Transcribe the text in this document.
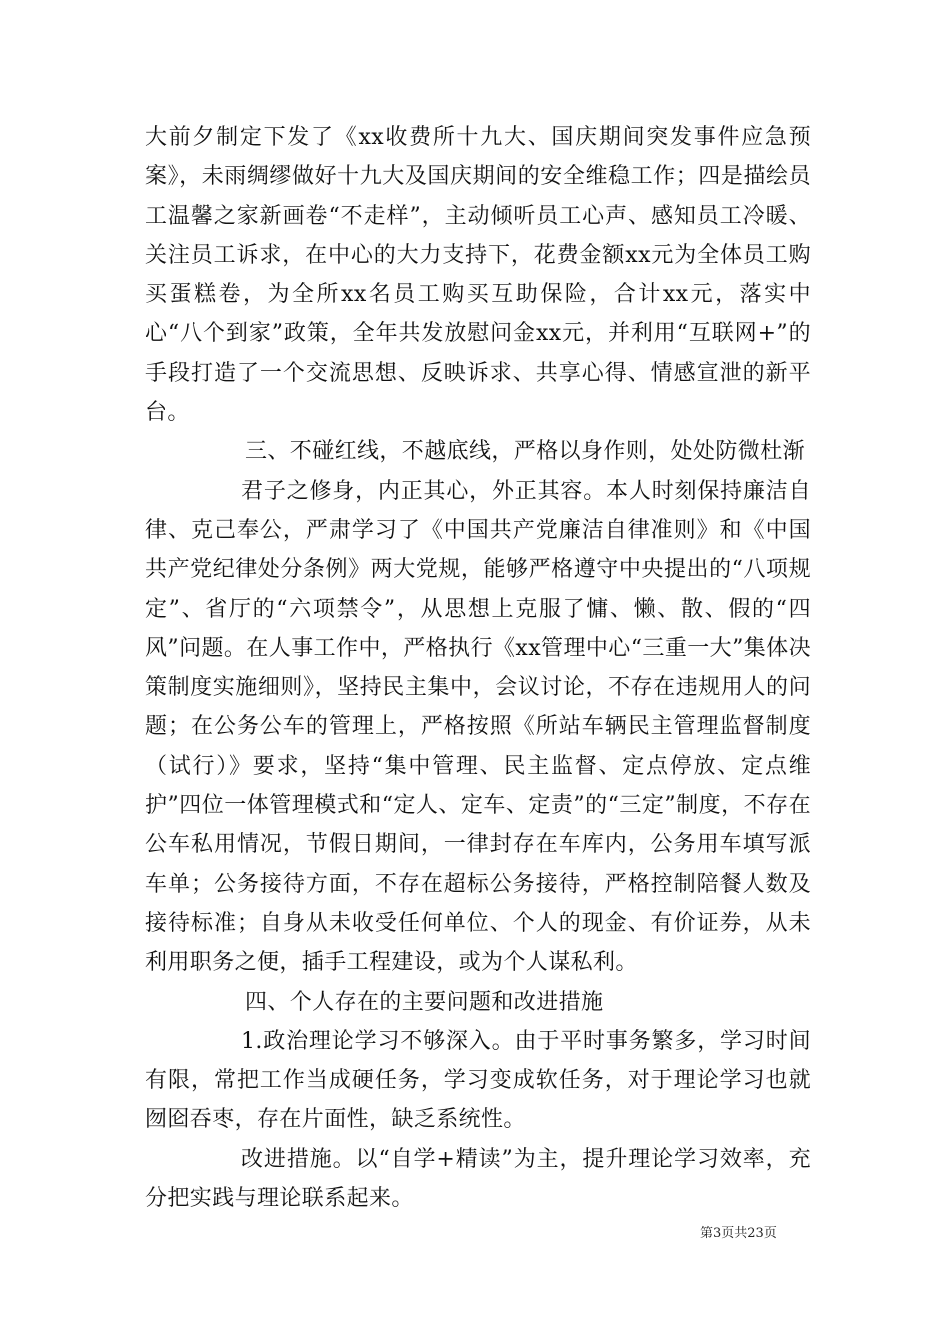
大前夕制定下发了《xx收费所十九大、国庆期间突发事件应急预案》，未雨绸缪做好十九大及国庆期间的安全维稳工作；四是描绘员工温馨之家新画卷“不走样”，主动倾听员工心声、感知员工冷暖、关注员工诉求，在中心的大力支持下，花费金额xx元为全体员工购买蛋糕卷，为全所xx名员工购买互助保险，合计xx元，落实中心“八个到家”政策，全年共发放慰问金xx元，并利用“互联网+”的手段打造了一个交流思想、反映诉求、共享心得、情感宣泄的新平台。

三、不碰红线，不越底线，严格以身作则，处处防微杜渐

君子之修身，内正其心，外正其容。本人时刻保持廉洁自律、克己奉公，严肃学习了《中国共产党廉洁自律准则》和《中国共产党纪律处分条例》两大党规，能够严格遵守中央提出的“八项规定”、省厅的“六项禁令”，从思想上克服了慵、懒、散、假的“四风”问题。在人事工作中，严格执行《xx管理中心“三重一大”集体决策制度实施细则》，坚持民主集中，会议讨论，不存在违规用人的问题；在公务公车的管理上，严格按照《所站车辆民主管理监督制度（试行）》要求，坚持“集中管理、民主监督、定点停放、定点维护”四位一体管理模式和“定人、定车、定责”的“三定”制度，不存在公车私用情况，节假日期间，一律封存在车库内，公务用车填写派车单；公务接待方面，不存在超标公务接待，严格控制陪餐人数及接待标准；自身从未收受任何单位、个人的现金、有价证券，从未利用职务之便，插手工程建设，或为个人谋私利。

四、个人存在的主要问题和改进措施

1.政治理论学习不够深入。由于平时事务繁多，学习时间有限，常把工作当成硬任务，学习变成软任务，对于理论学习也就囫囵吞枣，存在片面性，缺乏系统性。

改进措施。以“自学+精读”为主，提升理论学习效率，充分把实践与理论联系起来。

第3页共23页
